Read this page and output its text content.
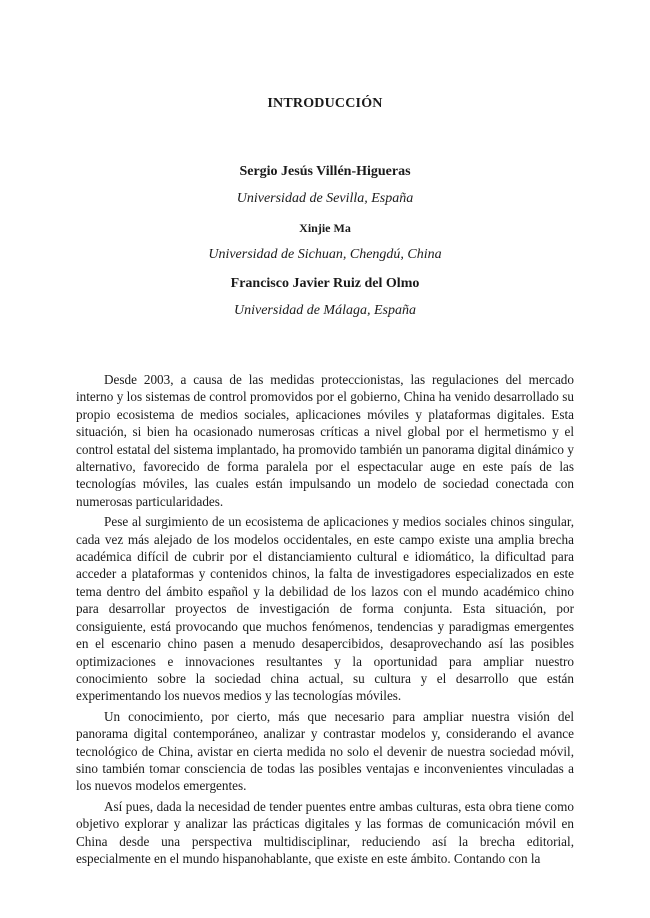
INTRODUCCIÓN
Sergio Jesús Villén-Higueras
Universidad de Sevilla, España
Xinjie Ma
Universidad de Sichuan, Chengdú, China
Francisco Javier Ruiz del Olmo
Universidad de Málaga, España

Desde 2003, a causa de las medidas proteccionistas, las regulaciones del mercado interno y los sistemas de control promovidos por el gobierno, China ha venido desarrollado su propio ecosistema de medios sociales, aplicaciones móviles y plataformas digitales. Esta situación, si bien ha ocasionado numerosas críticas a nivel global por el hermetismo y el control estatal del sistema implantado, ha promovido también un panorama digital dinámico y alternativo, favorecido de forma paralela por el espectacular auge en este país de las tecnologías móviles, las cuales están impulsando un modelo de sociedad conectada con numerosas particularidades.

Pese al surgimiento de un ecosistema de aplicaciones y medios sociales chinos singular, cada vez más alejado de los modelos occidentales, en este campo existe una amplia brecha académica difícil de cubrir por el distanciamiento cultural e idiomático, la dificultad para acceder a plataformas y contenidos chinos, la falta de investigadores especializados en este tema dentro del ámbito español y la debilidad de los lazos con el mundo académico chino para desarrollar proyectos de investigación de forma conjunta. Esta situación, por consiguiente, está provocando que muchos fenómenos, tendencias y paradigmas emergentes en el escenario chino pasen a menudo desapercibidos, desaprovechando así las posibles optimizaciones e innovaciones resultantes y la oportunidad para ampliar nuestro conocimiento sobre la sociedad china actual, su cultura y el desarrollo que están experimentando los nuevos medios y las tecnologías móviles.

Un conocimiento, por cierto, más que necesario para ampliar nuestra visión del panorama digital contemporáneo, analizar y contrastar modelos y, considerando el avance tecnológico de China, avistar en cierta medida no solo el devenir de nuestra sociedad móvil, sino también tomar consciencia de todas las posibles ventajas e inconvenientes vinculadas a los nuevos modelos emergentes.

Así pues, dada la necesidad de tender puentes entre ambas culturas, esta obra tiene como objetivo explorar y analizar las prácticas digitales y las formas de comunicación móvil en China desde una perspectiva multidisciplinar, reduciendo así la brecha editorial, especialmente en el mundo hispanohablante, que existe en este ámbito. Contando con la
